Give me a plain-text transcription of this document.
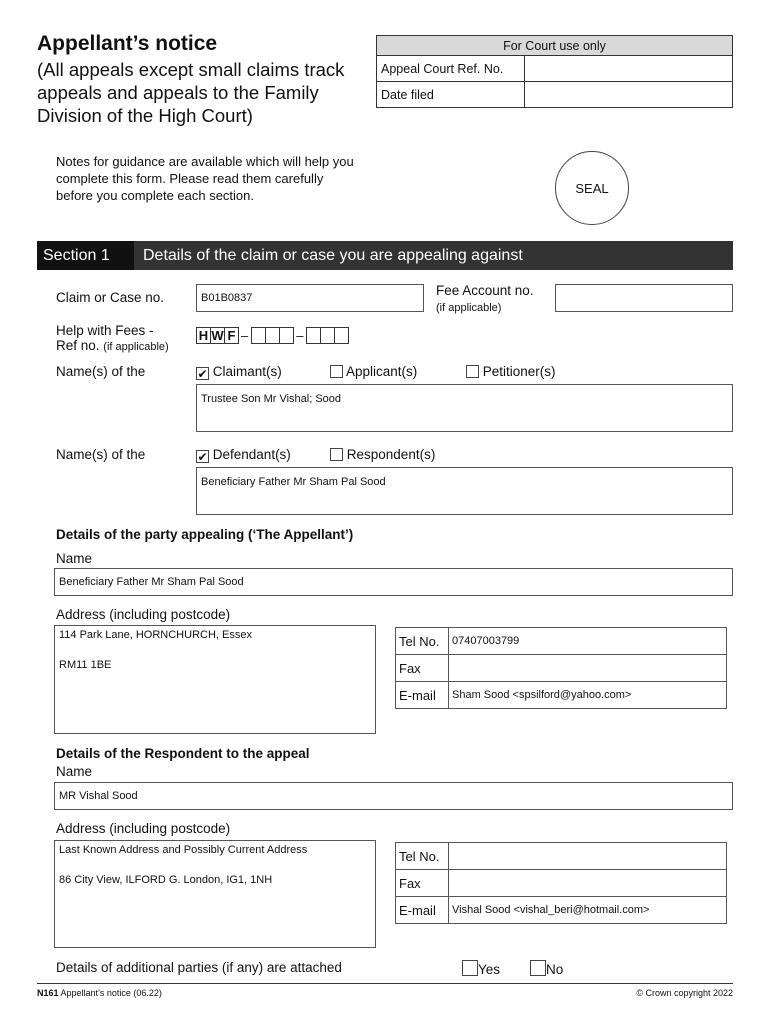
Appellant’s notice
(All appeals except small claims track appeals and appeals to the Family Division of the High Court)
For Court use only	
Appeal Court Ref. No.	
Date filed	
Notes for guidance are available which will help you complete this form. Please read them carefully before you complete each section.	SEAL
Section 1	Details of the claim or case you are appealing against
Claim or Case no.	B01B0837	Fee Account no.
(if applicable)
Help with Fees -
Ref no. (if applicable)
H W F –	–
Name(s) of the	✔ Claimant(s)	Applicant(s)	Petitioner(s)
Trustee Son Mr Vishal; Sood
Name(s) of the	✔ Defendant(s)	Respondent(s)
Beneficiary Father Mr Sham Pal Sood
Details of the party appealing (‘The Appellant’)
Name
Beneficiary Father Mr Sham Pal Sood
Address (including postcode)
114 Park Lane, HORNCHURCH, Essex
RM11 1BE
Tel No.	07407003799
Fax	
E-mail	Sham Sood <spsilford@yahoo.com>
Details of the Respondent to the appeal
Name
MR Vishal Sood
Address (including postcode)
Last Known Address and Possibly Current Address
86 City View, ILFORD G. London, IG1, 1NH
Tel No.	
Fax	
E-mail	Vishal Sood <vishal_beri@hotmail.com>
Details of additional parties (if any) are attached	Yes	No
N161 Appellant’s notice (06.22)	© Crown copyright 2022
